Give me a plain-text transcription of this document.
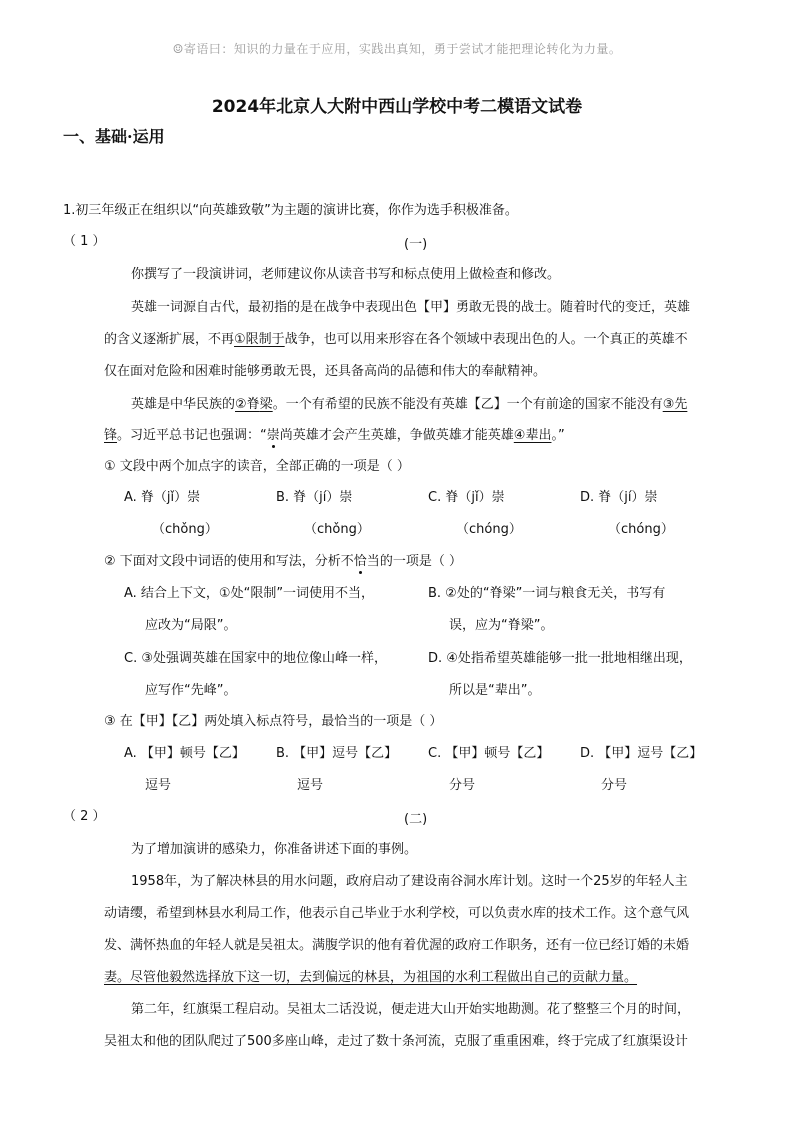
☺寄语曰：知识的力量在于应用，实践出真知，勇于尝试才能把理论转化为力量。
2024年北京人大附中西山学校中考二模语文试卷
一、基础·运用
1.初三年级正在组织以“向英雄致敬”为主题的演讲比赛，你作为选手积极准备。
（ 1 ）	(一)
你撰写了一段演讲词，老师建议你从读音书写和标点使用上做检查和修改。
英雄一词源自古代，最初指的是在战争中表现出色【甲】勇敢无畏的战士。随着时代的变迁，英雄
的含义逐渐扩展，不再①限制于战争，也可以用来形容在各个领域中表现出色的人。一个真正的英雄不
仅在面对危险和困难时能够勇敢无畏，还具备高尚的品德和伟大的奉献精神。
英雄是中华民族的②脊梁。一个有希望的民族不能没有英雄【乙】一个有前途的国家不能没有③先
锋。习近平总书记也强调：“崇尚英雄才会产生英雄，争做英雄才能英雄④辈出。”
① 文段中两个加点字的读音，全部正确的一项是（ ）
A. 脊（jǐ）崇
（chǒng）
B. 脊（jí）崇
（chǒng）
C. 脊（jǐ）崇
（chóng）
D. 脊（jí）崇
（chóng）
② 下面对文段中词语的使用和写法，分析不恰当的一项是（ ）
A. 结合上下文，①处“限制”一词使用不当，
应改为“局限”。
B. ②处的“脊梁”一词与粮食无关，书写有
误，应为“脊梁”。
C. ③处强调英雄在国家中的地位像山峰一样，
应写作“先峰”。
D. ④处指希望英雄能够一批一批地相继出现，
所以是“辈出”。
③ 在【甲】【乙】两处填入标点符号，最恰当的一项是（ ）
A. 【甲】顿号【乙】
逗号
B. 【甲】逗号【乙】
逗号
C. 【甲】顿号【乙】
分号
D. 【甲】逗号【乙】
分号
（ 2 ）	(二)
为了增加演讲的感染力，你准备讲述下面的事例。
1958年，为了解决林县的用水问题，政府启动了建设南谷洞水库计划。这时一个25岁的年轻人主
动请缨，希望到林县水利局工作，他表示自己毕业于水利学校，可以负责水库的技术工作。这个意气风
发、满怀热血的年轻人就是吴祖太。满腹学识的他有着优渥的政府工作职务，还有一位已经订婚的未婚
妻。尽管他毅然选择放下这一切，去到偏远的林县，为祖国的水利工程做出自己的贡献力量。
第二年，红旗渠工程启动。吴祖太二话没说，便走进大山开始实地勘测。花了整整三个月的时间，
吴祖太和他的团队爬过了500多座山峰，走过了数十条河流，克服了重重困难，终于完成了红旗渠设计
